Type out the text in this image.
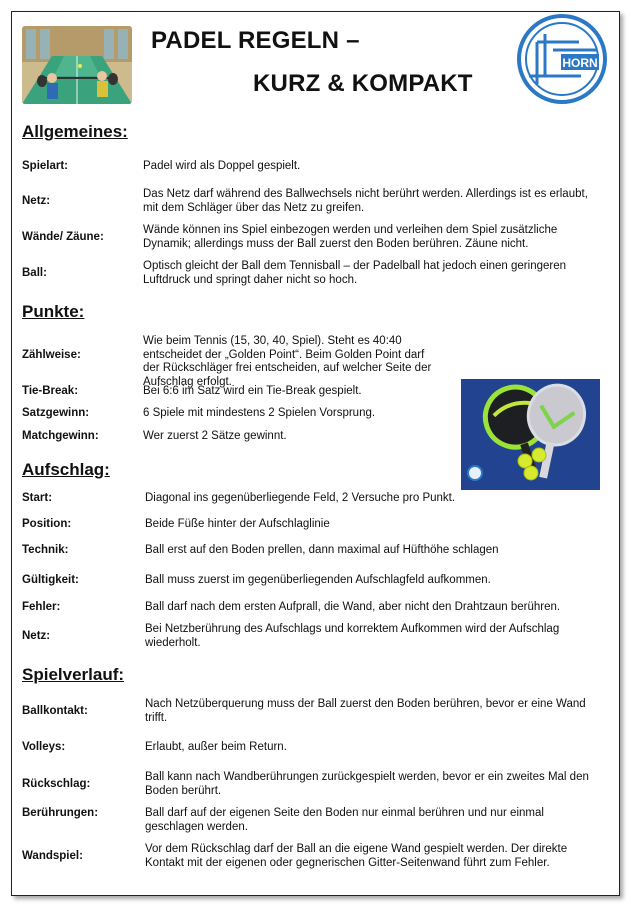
PADEL REGELN –
KURZ & KOMPAKT
HORN
Allgemeines:
Spielart:	Padel wird als Doppel gespielt.
Netz:
Das Netz darf während des Ballwechsels nicht berührt werden. Allerdings ist es erlaubt, mit dem Schläger über das Netz zu greifen.
Wände/ Zäune:
Wände können ins Spiel einbezogen werden und verleihen dem Spiel zusätzliche Dynamik; allerdings muss der Ball zuerst den Boden berühren. Zäune nicht.
Ball:
Optisch gleicht der Ball dem Tennisball – der Padelball hat jedoch einen geringeren Luftdruck und springt daher nicht so hoch.
Punkte:
Zählweise:
Wie beim Tennis (15, 30, 40, Spiel). Steht es 40:40 entscheidet der „Golden Point“. Beim Golden Point darf der Rückschläger frei entscheiden, auf welcher Seite der Aufschlag erfolgt.
Tie-Break:	Bei 6:6 im Satz wird ein Tie-Break gespielt.
Satzgewinn:	6 Spiele mit mindestens 2 Spielen Vorsprung.
Matchgewinn:	Wer zuerst 2 Sätze gewinnt.
Aufschlag:
Start:	Diagonal ins gegenüberliegende Feld, 2 Versuche pro Punkt.
Position:	Beide Füße hinter der Aufschlaglinie
Technik:	Ball erst auf den Boden prellen, dann maximal auf Hüfthöhe schlagen
Gültigkeit:	Ball muss zuerst im gegenüberliegenden Aufschlagfeld aufkommen.
Fehler:	Ball darf nach dem ersten Aufprall, die Wand, aber nicht den Drahtzaun berühren.
Netz:
Bei Netzberührung des Aufschlags und korrektem Aufkommen wird der Aufschlag wiederholt.
Spielverlauf:
Ballkontakt:
Nach Netzüberquerung muss der Ball zuerst den Boden berühren, bevor er eine Wand trifft.
Volleys:	Erlaubt, außer beim Return.
Rückschlag:
Ball kann nach Wandberührungen zurückgespielt werden, bevor er ein zweites Mal den Boden berührt.
Berührungen:	Ball darf auf der eigenen Seite den Boden nur einmal berühren und nur einmal geschlagen werden.
Wandspiel:
Vor dem Rückschlag darf der Ball an die eigene Wand gespielt werden. Der direkte Kontakt mit der eigenen oder gegnerischen Gitter-Seitenwand führt zum Fehler.
